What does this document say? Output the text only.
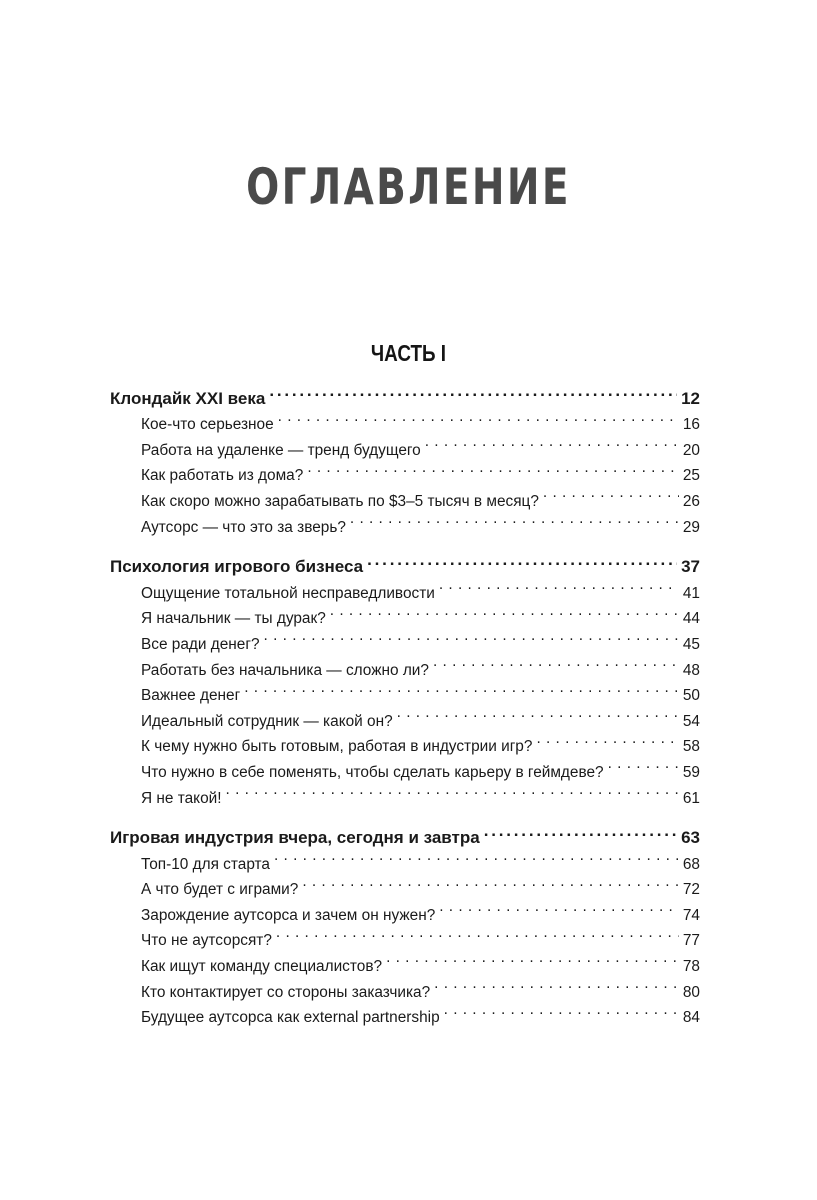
ОГЛАВЛЕНИЕ
ЧАСТЬ I
Клондайк XXI века .....	12
Кое-что серьезное . . .	16
Работа на удаленке — тренд будущего . . .	20
Как работать из дома? . . .	25
Как скоро можно зарабатывать по $3–5 тысяч в месяц? . . .	26
Аутсорс — что это за зверь? . . .	29
Психология игрового бизнеса .....	37
Ощущение тотальной несправедливости . . .	41
Я начальник — ты дурак? . . .	44
Все ради денег? . . .	45
Работать без начальника — сложно ли? . . .	48
Важнее денег . . .	50
Идеальный сотрудник — какой он? . . .	54
К чему нужно быть готовым, работая в индустрии игр? . . .	58
Что нужно в себе поменять, чтобы сделать карьеру в геймдеве? . . .	59
Я не такой! . . .	61
Игровая индустрия вчера, сегодня и завтра .....	63
Топ-10 для старта . . .	68
А что будет с играми? . . .	72
Зарождение аутсорса и зачем он нужен? . . .	74
Что не аутсорсят? . . .	77
Как ищут команду специалистов? . . .	78
Кто контактирует со стороны заказчика? . . .	80
Будущее аутсорса как external partnership . . .	84
